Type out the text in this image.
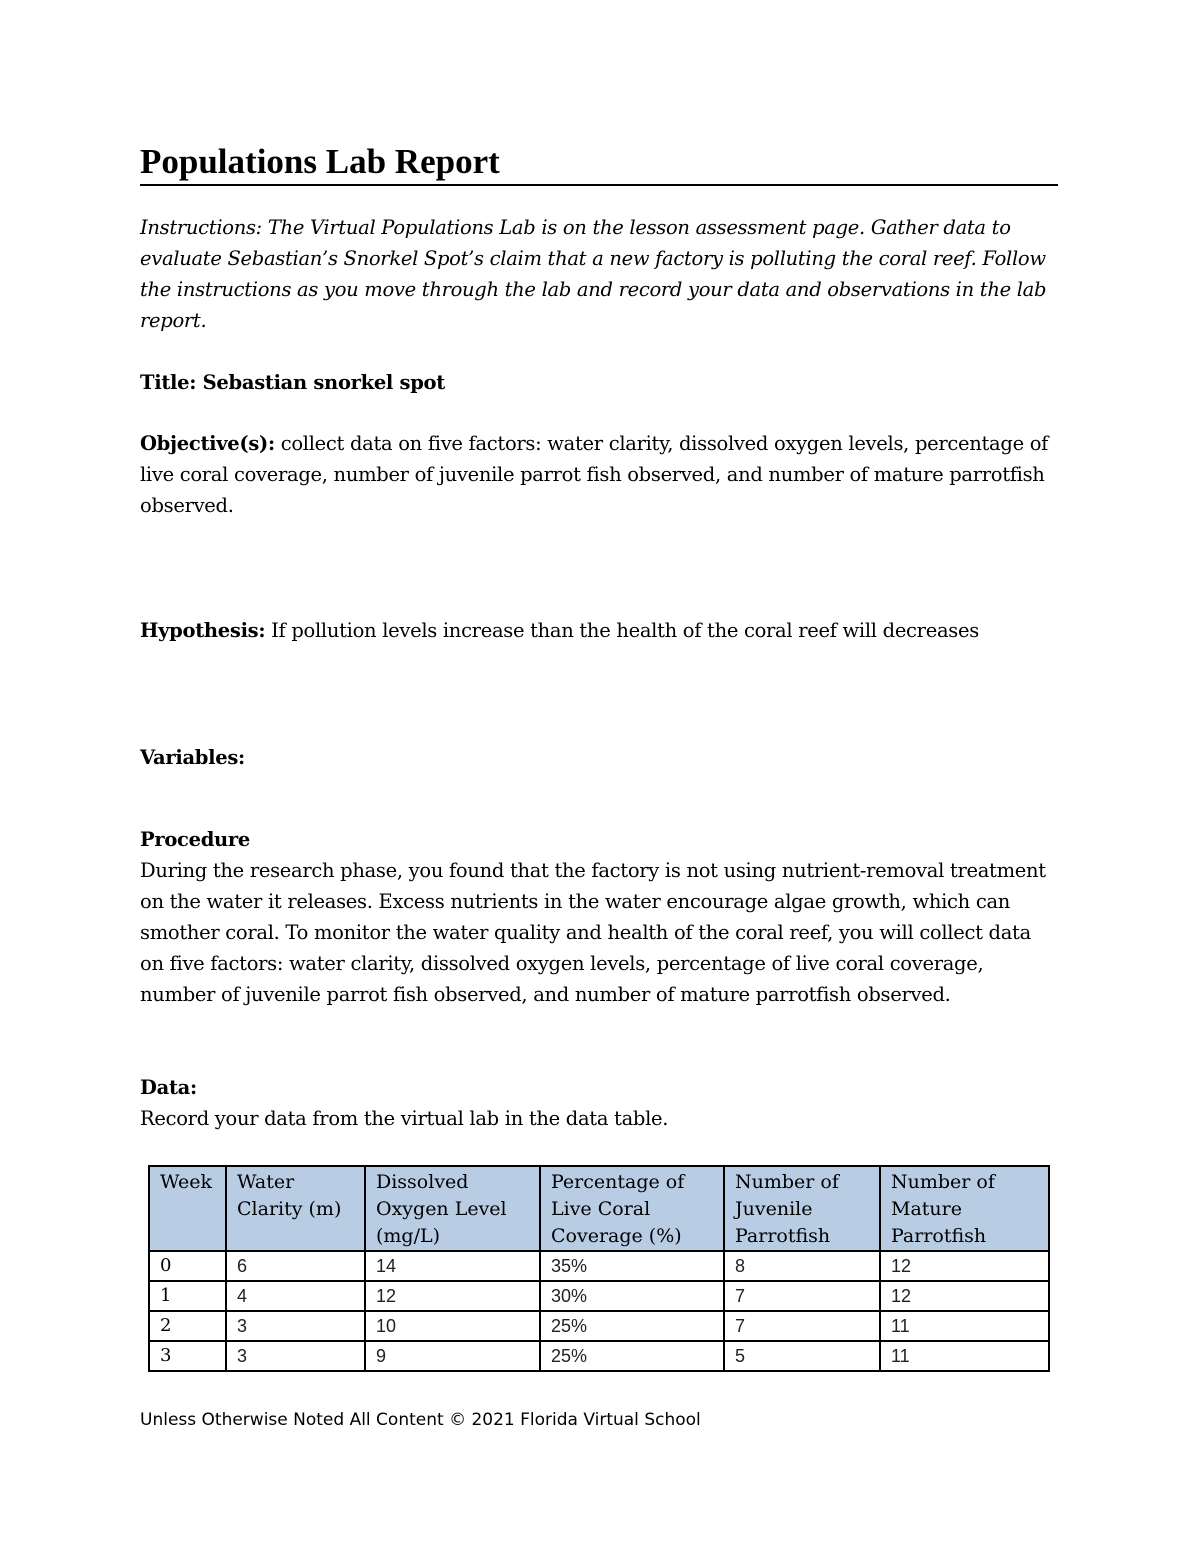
Populations Lab Report
Instructions: The Virtual Populations Lab is on the lesson assessment page. Gather data to evaluate Sebastian’s Snorkel Spot’s claim that a new factory is polluting the coral reef. Follow the instructions as you move through the lab and record your data and observations in the lab report.
Title: Sebastian snorkel spot
Objective(s): collect data on five factors: water clarity, dissolved oxygen levels, percentage of live coral coverage, number of juvenile parrot fish observed, and number of mature parrotfish observed.
Hypothesis: If pollution levels increase than the health of the coral reef will decreases
Variables:
Procedure
During the research phase, you found that the factory is not using nutrient-removal treatment on the water it releases. Excess nutrients in the water encourage algae growth, which can smother coral. To monitor the water quality and health of the coral reef, you will collect data on five factors: water clarity, dissolved oxygen levels, percentage of live coral coverage, number of juvenile parrot fish observed, and number of mature parrotfish observed.
Data:
Record your data from the virtual lab in the data table.
Week	Water Clarity (m)	Dissolved Oxygen Level (mg/L)	Percentage of Live Coral Coverage (%)	Number of Juvenile Parrotfish	Number of Mature Parrotfish
0	6	14	35%	8	12
1	4	12	30%	7	12
2	3	10	25%	7	11
3	3	9	25%	5	11
Unless Otherwise Noted All Content © 2021 Florida Virtual School
